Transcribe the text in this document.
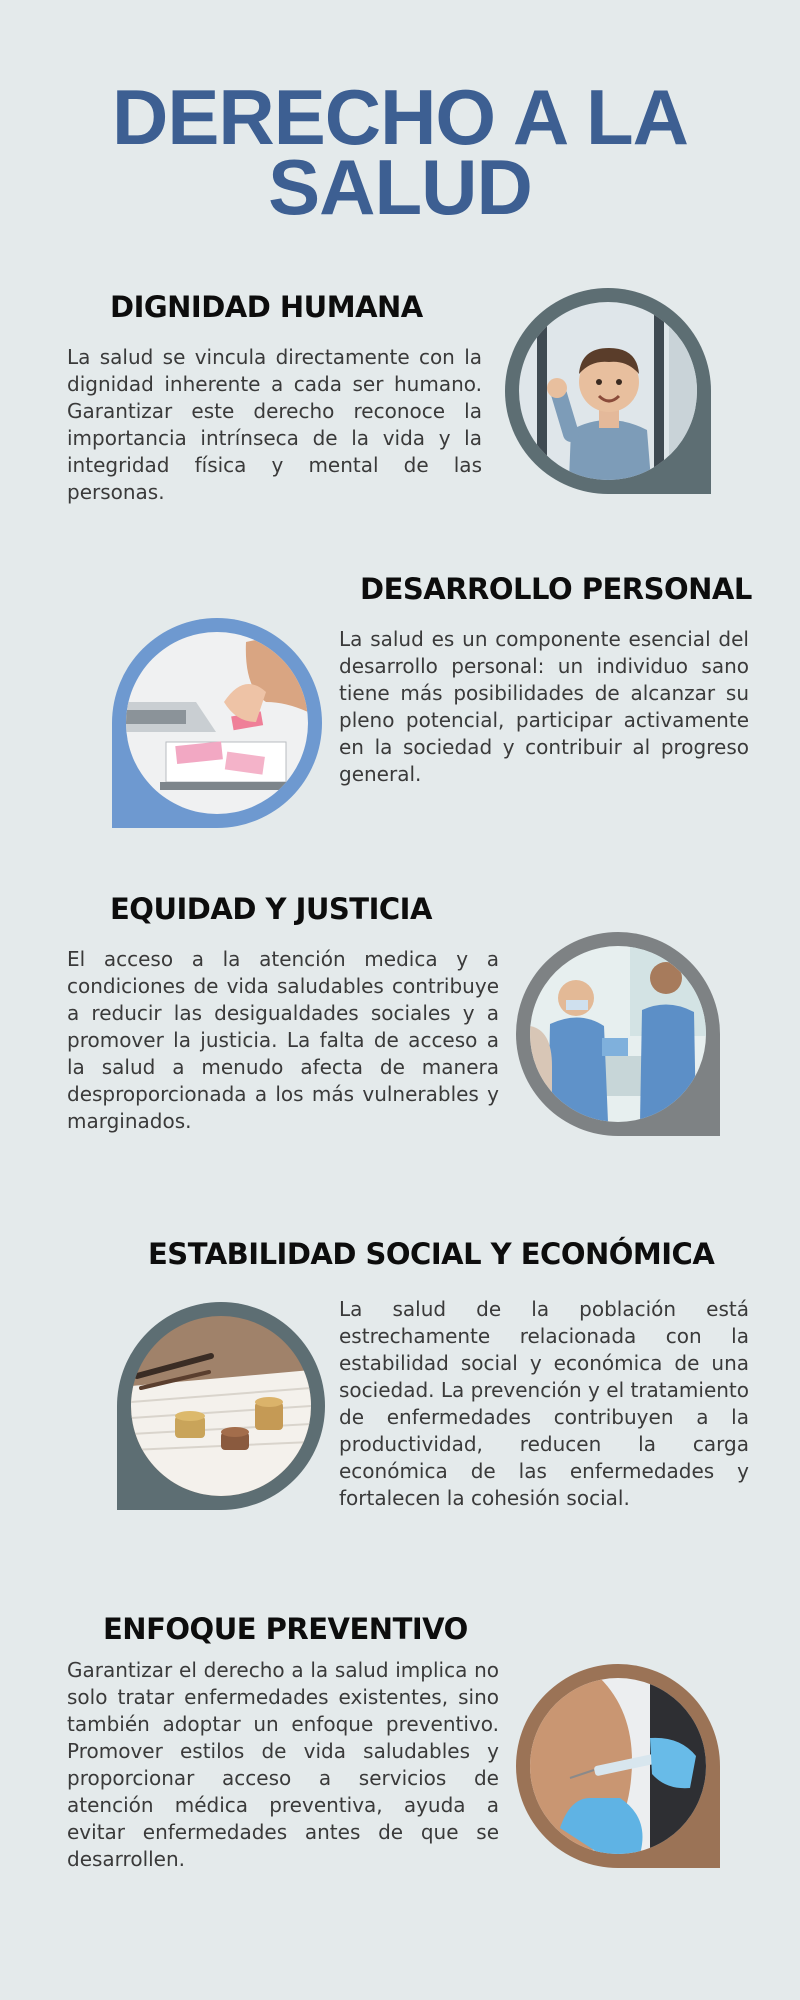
DERECHO A LA
SALUD
DIGNIDAD HUMANA

La salud se vincula directamente con la dignidad inherente a cada ser humano. Garantizar este derecho reconoce la importancia intrínseca de la vida y la integridad física y mental de las personas.

DESARROLLO PERSONAL

La salud es un componente esencial del desarrollo personal: un individuo sano tiene más posibilidades de alcanzar su pleno potencial, participar activamente en la sociedad y contribuir al progreso general.

EQUIDAD Y JUSTICIA

El acceso a la atención medica y a condiciones de vida saludables contribuye a reducir las desigualdades sociales y a promover la justicia. La falta de acceso a la salud a menudo afecta de manera desproporcionada a los más vulnerables y marginados.

ESTABILIDAD SOCIAL Y ECONÓMICA

La salud de la población está estrechamente relacionada con la estabilidad social y económica de una sociedad. La prevención y el tratamiento de enfermedades contribuyen a la productividad, reducen la carga económica de las enfermedades y fortalecen la cohesión social.

ENFOQUE PREVENTIVO

Garantizar el derecho a la salud implica no solo tratar enfermedades existentes, sino también adoptar un enfoque preventivo. Promover estilos de vida saludables y proporcionar acceso a servicios de atención médica preventiva, ayuda a evitar enfermedades antes de que se desarrollen.
